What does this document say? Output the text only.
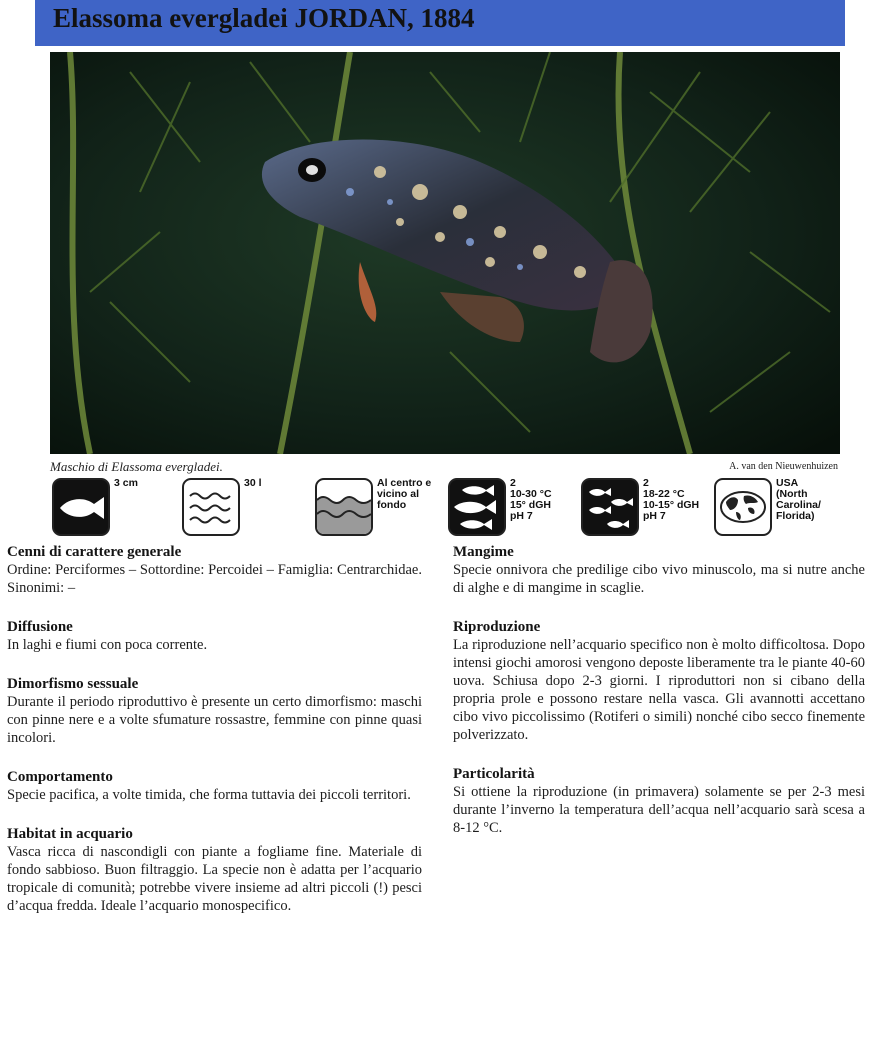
Elassoma evergladei JORDAN, 1884
Maschio di Elassoma evergladei.	A. van den Nieuwenhuizen
3 cm	30 l	Al centro e
vicino al
fondo
2
10-30 °C
15° dGH
pH 7
2
18-22 °C
10-15° dGH
pH 7
USA
(North
Carolina/
Florida)
Cenni di carattere generale

Ordine: Perciformes – Sottordine: Percoidei – Famiglia: Centrarchidae. Sinonimi: –

Diffusione

In laghi e fiumi con poca corrente.

Dimorfismo sessuale

Durante il periodo riproduttivo è presente un certo dimorfismo: maschi con pinne nere e a volte sfumature rossastre, femmine con pinne quasi incolori.

Comportamento

Specie pacifica, a volte timida, che forma tuttavia dei piccoli territori.

Habitat in acquario

Vasca ricca di nascondigli con piante a fogliame fine. Materiale di fondo sabbioso. Buon filtraggio. La specie non è adatta per l’acquario tropicale di comunità; potrebbe vivere insieme ad altri piccoli (!) pesci d’acqua fredda. Ideale l’acquario monospecifico.

Mangime

Specie onnivora che predilige cibo vivo minuscolo, ma si nutre anche di alghe e di mangime in scaglie.

Riproduzione

La riproduzione nell’acquario specifico non è molto difficoltosa. Dopo intensi giochi amorosi vengono deposte liberamente tra le piante 40-60 uova. Schiusa dopo 2-3 giorni. I riproduttori non si cibano della propria prole e possono restare nella vasca. Gli avannotti accettano cibo vivo piccolissimo (Rotiferi o simili) nonché cibo secco finemente polverizzato.

Particolarità

Si ottiene la riproduzione (in primavera) solamente se per 2-3 mesi durante l’inverno la temperatura dell’acqua nell’acquario sarà scesa a 8-12 °C.
